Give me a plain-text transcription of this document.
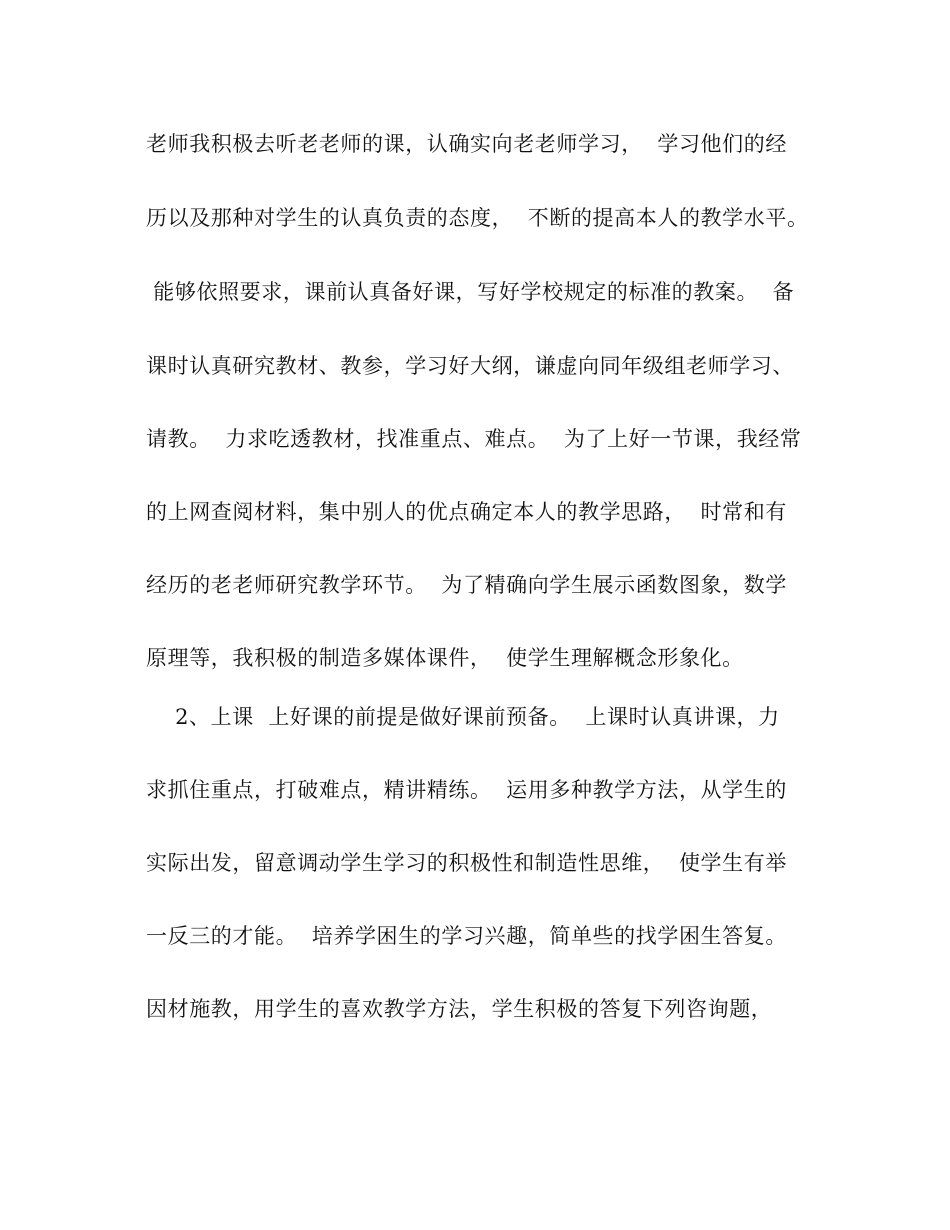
老师我积极去听老老师的课，认确实向老老师学习，  学习他们的经
历以及那种对学生的认真负责的态度，  不断的提高本人的教学水平。
能够依照要求，课前认真备好课，写好学校规定的标准的教案。  备
课时认真研究教材、教参，学习好大纲，谦虚向同年级组老师学习、
请教。  力求吃透教材，找准重点、难点。  为了上好一节课，我经常
的上网查阅材料，集中别人的优点确定本人的教学思路，  时常和有
经历的老老师研究教学环节。  为了精确向学生展示函数图象，数学
原理等，我积极的制造多媒体课件，  使学生理解概念形象化。
2、上课  上好课的前提是做好课前预备。  上课时认真讲课，力
求抓住重点，打破难点，精讲精练。  运用多种教学方法，从学生的
实际出发，留意调动学生学习的积极性和制造性思维，  使学生有举
一反三的才能。  培养学困生的学习兴趣，简单些的找学困生答复。
因材施教，用学生的喜欢教学方法，学生积极的答复下列咨询题，
